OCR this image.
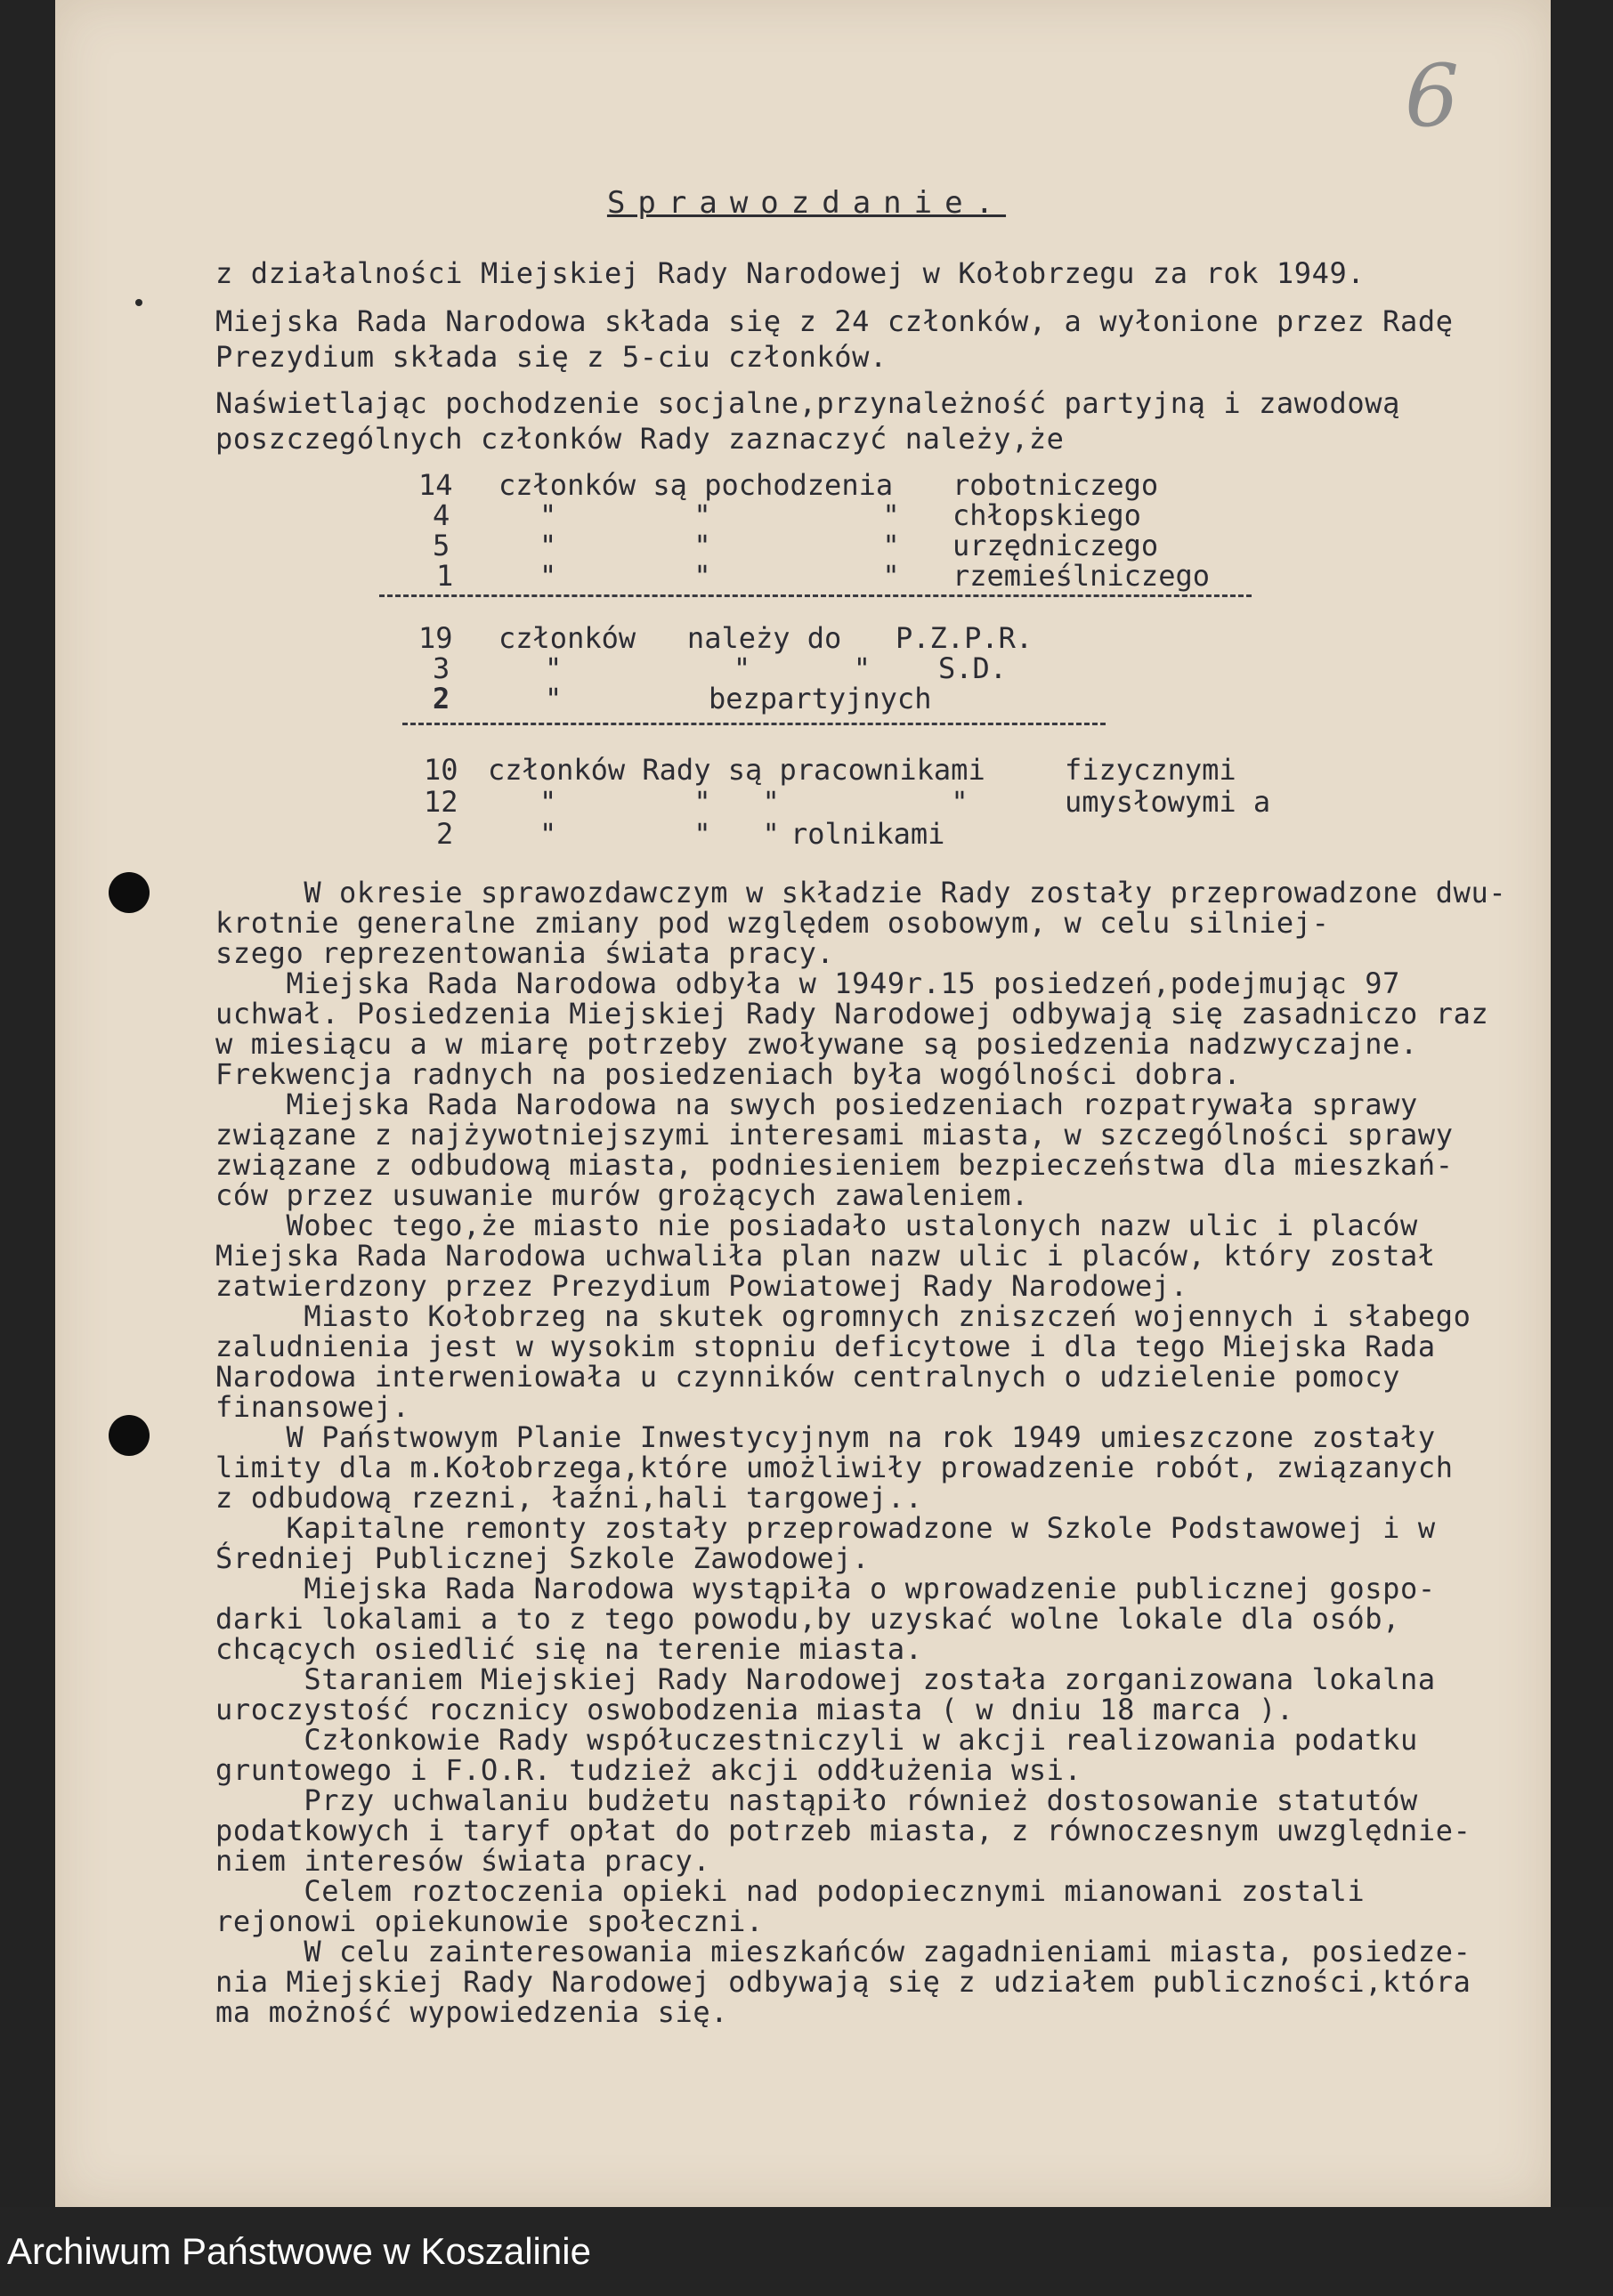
6
Sprawozdanie.
z działalności Miejskiej Rady Narodowej w Kołobrzegu za rok 1949.
Miejska Rada Narodowa składa się z 24 członków, a wyłonione przez Radę
Prezydium składa się z 5-ciu członków.
Naświetlając pochodzenie socjalne,przynależność partyjną i zawodową
poszczególnych członków Rady zaznaczyć należy,że
14 członków są pochodzenia robotniczego
4	"        "          " chłopskiego
5	"        "          " urzędniczego
1	"        "          " rzemieślniczego
19 członków   należy do P.Z.P.R.
3	"          "      " S.D.
2	"	bezpartyjnych
10 członków Rady są pracownikami	fizycznymi
12	"        "   "          "	umysłowymi a
2	"        "   " rolnikami
W okresie sprawozdawczym w składzie Rady zostały przeprowadzone dwu-
krotnie generalne zmiany pod względem osobowym, w celu silniej-
szego reprezentowania świata pracy.
Miejska Rada Narodowa odbyła w 1949r.15 posiedzeń,podejmując 97
uchwał. Posiedzenia Miejskiej Rady Narodowej odbywają się zasadniczo raz
w miesiącu a w miarę potrzeby zwoływane są posiedzenia nadzwyczajne.
Frekwencja radnych na posiedzeniach była wogólności dobra.
Miejska Rada Narodowa na swych posiedzeniach rozpatrywała sprawy
związane z najżywotniejszymi interesami miasta, w szczególności sprawy
związane z odbudową miasta, podniesieniem bezpieczeństwa dla mieszkań-
ców przez usuwanie murów grożących zawaleniem.
Wobec tego,że miasto nie posiadało ustalonych nazw ulic i placów
Miejska Rada Narodowa uchwaliła plan nazw ulic i placów, który został
zatwierdzony przez Prezydium Powiatowej Rady Narodowej.
Miasto Kołobrzeg na skutek ogromnych zniszczeń wojennych i słabego
zaludnienia jest w wysokim stopniu deficytowe i dla tego Miejska Rada
Narodowa interweniowała u czynników centralnych o udzielenie pomocy
finansowej.
W Państwowym Planie Inwestycyjnym na rok 1949 umieszczone zostały
limity dla m.Kołobrzega,które umożliwiły prowadzenie robót, związanych
z odbudową rzezni, łaźni,hali targowej..
Kapitalne remonty zostały przeprowadzone w Szkole Podstawowej i w
Średniej Publicznej Szkole Zawodowej.
Miejska Rada Narodowa wystąpiła o wprowadzenie publicznej gospo-
darki lokalami a to z tego powodu,by uzyskać wolne lokale dla osób,
chcących osiedlić się na terenie miasta.
Staraniem Miejskiej Rady Narodowej została zorganizowana lokalna
uroczystość rocznicy oswobodzenia miasta ( w dniu 18 marca ).
Członkowie Rady współuczestniczyli w akcji realizowania podatku
gruntowego i F.O.R. tudzież akcji oddłużenia wsi.
Przy uchwalaniu budżetu nastąpiło również dostosowanie statutów
podatkowych i taryf opłat do potrzeb miasta, z równoczesnym uwzględnie-
niem interesów świata pracy.
Celem roztoczenia opieki nad podopiecznymi mianowani zostali
rejonowi opiekunowie społeczni.
W celu zainteresowania mieszkańców zagadnieniami miasta, posiedze-
nia Miejskiej Rady Narodowej odbywają się z udziałem publiczności,która
ma możność wypowiedzenia się.
Archiwum Państwowe w Koszalinie
